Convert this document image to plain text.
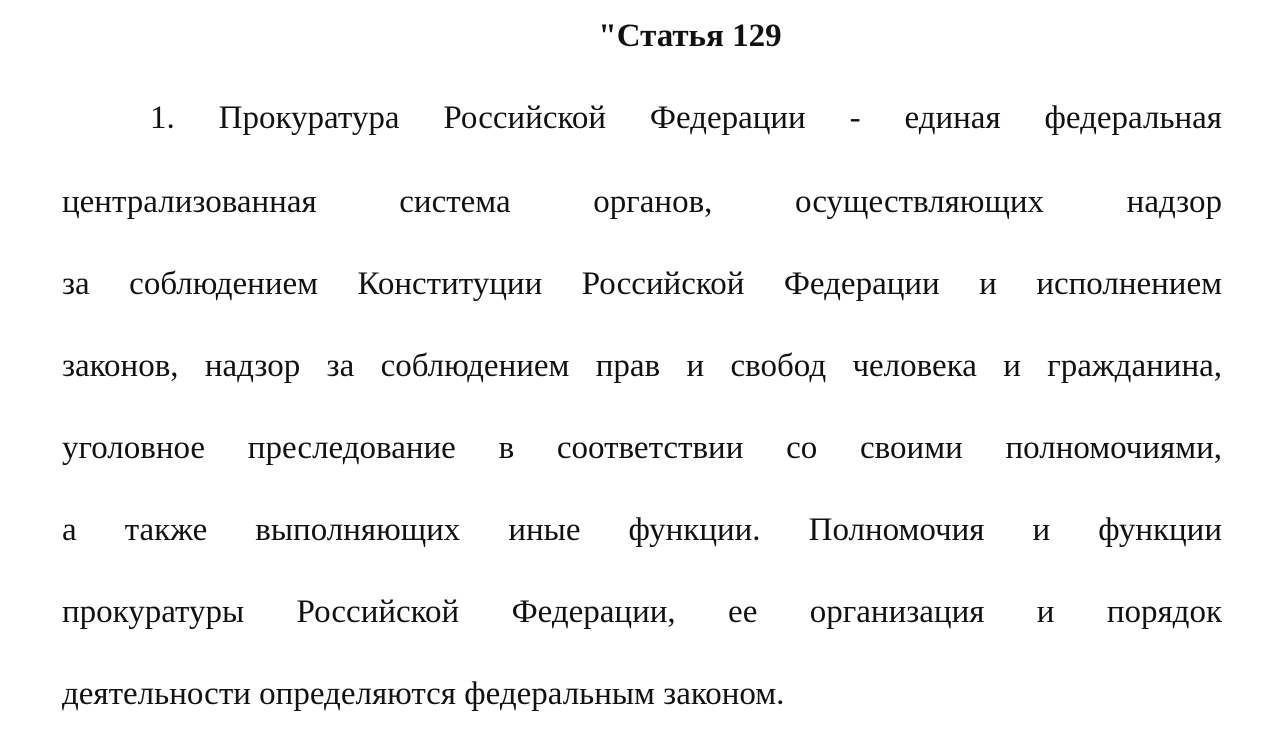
"Статья 129

1. Прокуратура Российской Федерации - единая федеральная

централизованная система органов, осуществляющих надзор

за соблюдением Конституции Российской Федерации и исполнением

законов, надзор за соблюдением прав и свобод человека и гражданина,

уголовное преследование в соответствии со своими полномочиями,

а также выполняющих иные функции. Полномочия и функции

прокуратуры Российской Федерации, ее организация и порядок

деятельности определяются федеральным законом.
